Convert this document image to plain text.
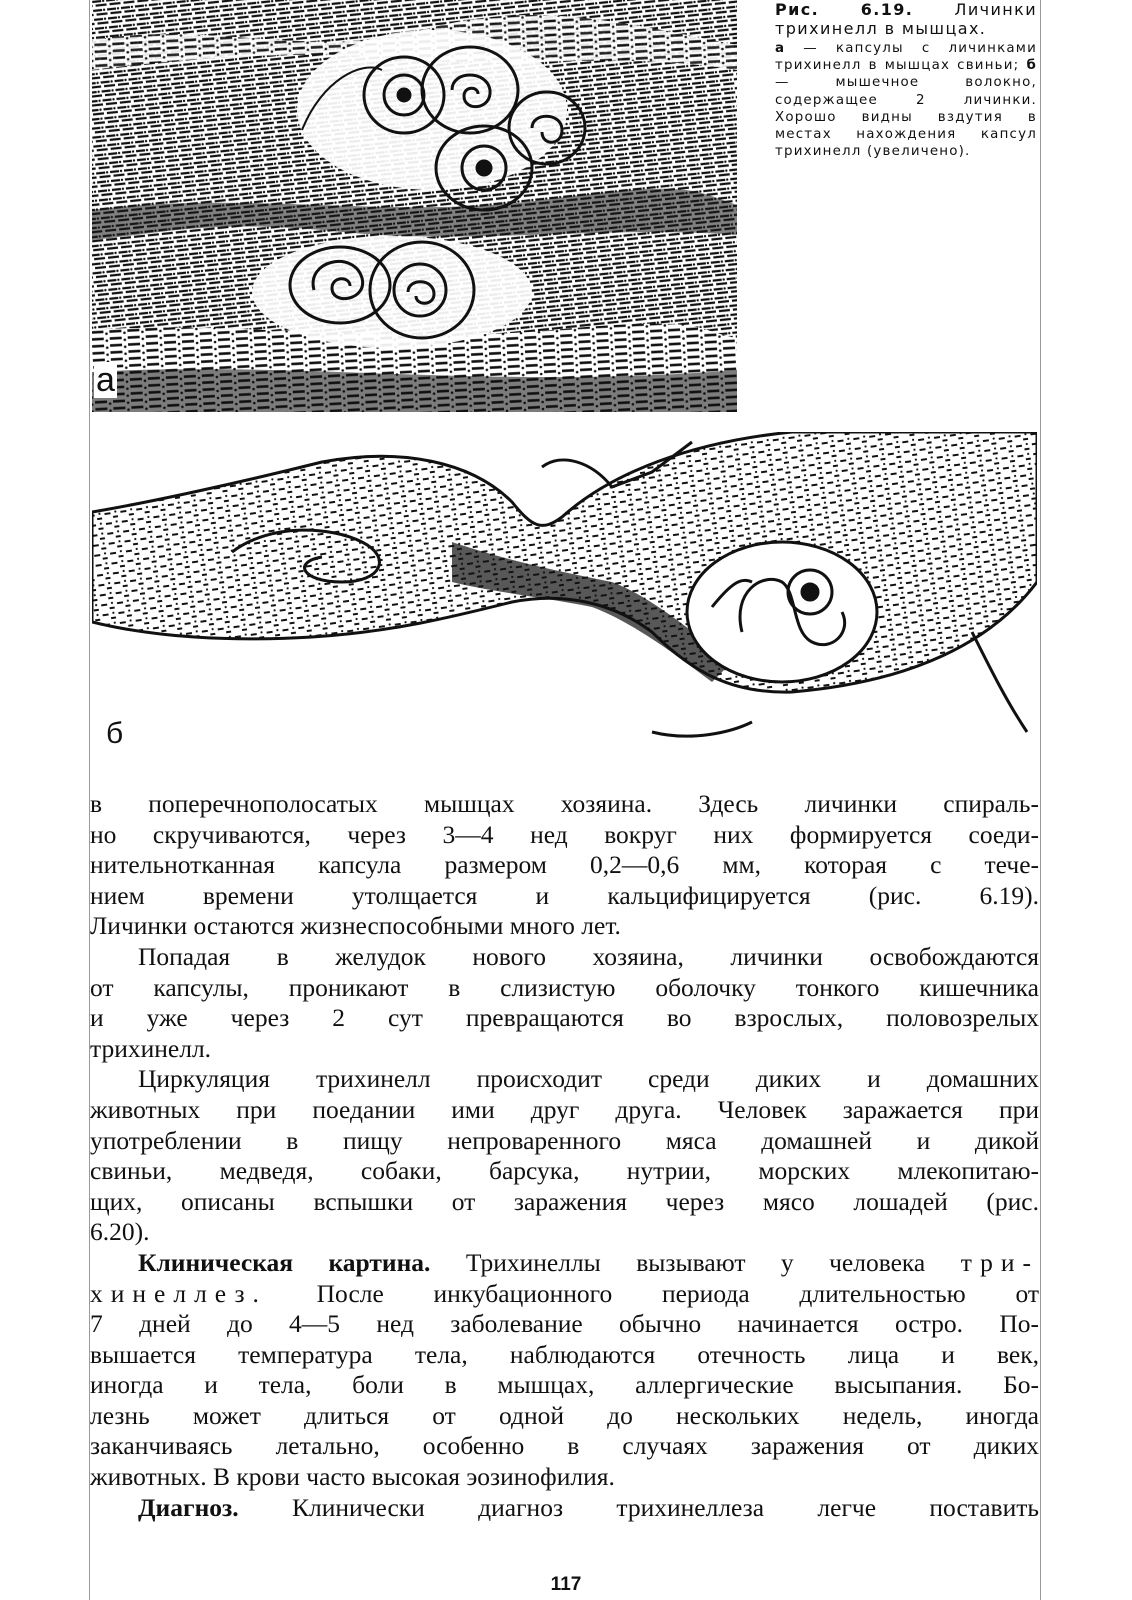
а
Рис. 6.19.	Личинки трихинелл в мышцах.
а — капсулы с личинками трихинелл в мышцах свиньи; б — мышечное волокно, содержащее 2 личинки. Хорошо видны вздутия в местах нахождения капсул трихинелл (увеличено).
б
в поперечнополосатых мышцах хозяина. Здесь личинки спираль-
но скручиваются, через 3—4 нед вокруг них формируется соеди-
нительнотканная капсула размером 0,2—0,6 мм, которая с тече-
нием времени утолщается и кальцифицируется (рис. 6.19).
Личинки остаются жизнеспособными много лет.
Попадая в желудок нового хозяина, личинки освобождаются
от капсулы, проникают в слизистую оболочку тонкого кишечника
и уже через 2 сут превращаются во взрослых, половозрелых
трихинелл.
Циркуляция трихинелл происходит среди диких и домашних
животных при поедании ими друг друга. Человек заражается при
употреблении в пищу непроваренного мяса домашней и дикой
свиньи, медведя, собаки, барсука, нутрии, морских млекопитаю-
щих, описаны вспышки от заражения через мясо лошадей (рис.
6.20).
Клиническая картина. Трихинеллы вызывают у человека три-
хинеллез. После инкубационного периода длительностью от
7 дней до 4—5 нед заболевание обычно начинается остро. По-
вышается температура тела, наблюдаются отечность лица и век,
иногда и тела, боли в мышцах, аллергические высыпания. Бо-
лезнь может длиться от одной до нескольких недель, иногда
заканчиваясь летально, особенно в случаях заражения от диких
животных. В крови часто высокая эозинофилия.
Диагноз. Клинически диагноз трихинеллеза легче поставить
117
